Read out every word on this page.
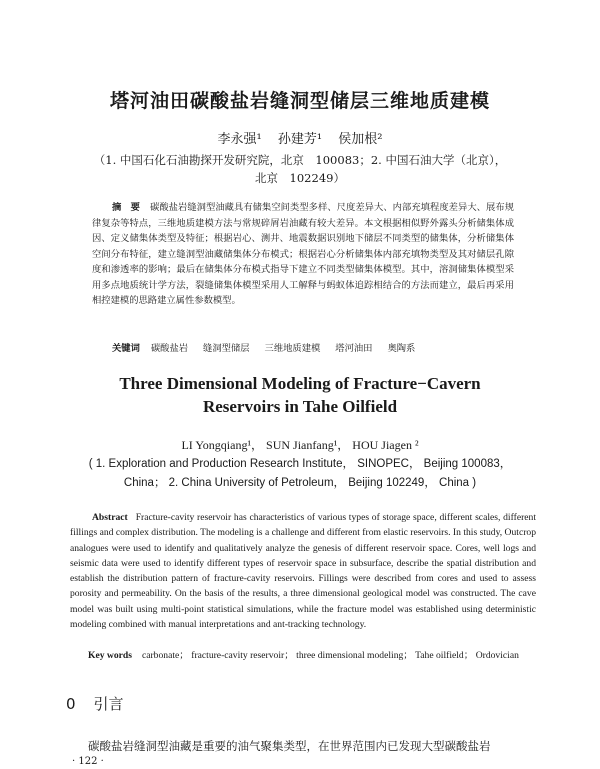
塔河油田碳酸盐岩缝洞型储层三维地质建模
李永强¹ 孙建芳¹ 侯加根²
（1. 中国石化石油勘探开发研究院，北京　100083；2. 中国石油大学（北京），
北京　102249）
摘　要 碳酸盐岩缝洞型油藏具有储集空间类型多样、尺度差异大、内部充填程度差异大、展布规律复杂等特点，三维地质建模方法与常规碎屑岩油藏有较大差异。本文根据相似野外露头分析储集体成因、定义储集体类型及特征；根据岩心、测井、地震数据识别地下储层不同类型的储集体，分析储集体空间分布特征，建立缝洞型油藏储集体分布模式；根据岩心分析储集体内部充填物类型及其对储层孔隙度和渗透率的影响；最后在储集体分布模式指导下建立不同类型储集体模型。其中，溶洞储集体模型采用多点地质统计学方法，裂缝储集体模型采用人工解释与蚂蚁体追踪相结合的方法而建立，最后再采用相控建模的思路建立属性参数模型。
关键词 碳酸盐岩 缝洞型储层 三维地质建模 塔河油田 奥陶系
Three Dimensional Modeling of Fracture−Cavern
Reservoirs in Tahe Oilfield
LI Yongqiang¹， SUN Jianfang¹， HOU Jiagen ²
( 1. Exploration and Production Research Institute， SINOPEC， Beijing 100083，
China； 2. China University of Petroleum， Beijing 102249， China )
Abstract Fracture-cavity reservoir has characteristics of various types of storage space, different scales, different fillings and complex distribution. The modeling is a challenge and different from elastic reservoirs. In this study, Outcrop analogues were used to identify and qualitatively analyze the genesis of different reservoir space. Cores, well logs and seismic data were used to identify different types of reservoir space in subsurface, describe the spatial distribution and establish the distribution pattern of fracture-cavity reservoirs. Fillings were described from cores and used to assess porosity and permeability. On the basis of the results, a three dimensional geological model was constructed. The cave model was built using multi-point statistical simulations, while the fracture model was established using deterministic modeling combined with manual interpretations and ant-tracking technology.
Key words carbonate； fracture-cavity reservoir； three dimensional modeling； Tahe oilfield； Ordovician
0 引言
碳酸盐岩缝洞型油藏是重要的油气聚集类型，在世界范围内已发现大型碳酸盐岩
· 122 ·
